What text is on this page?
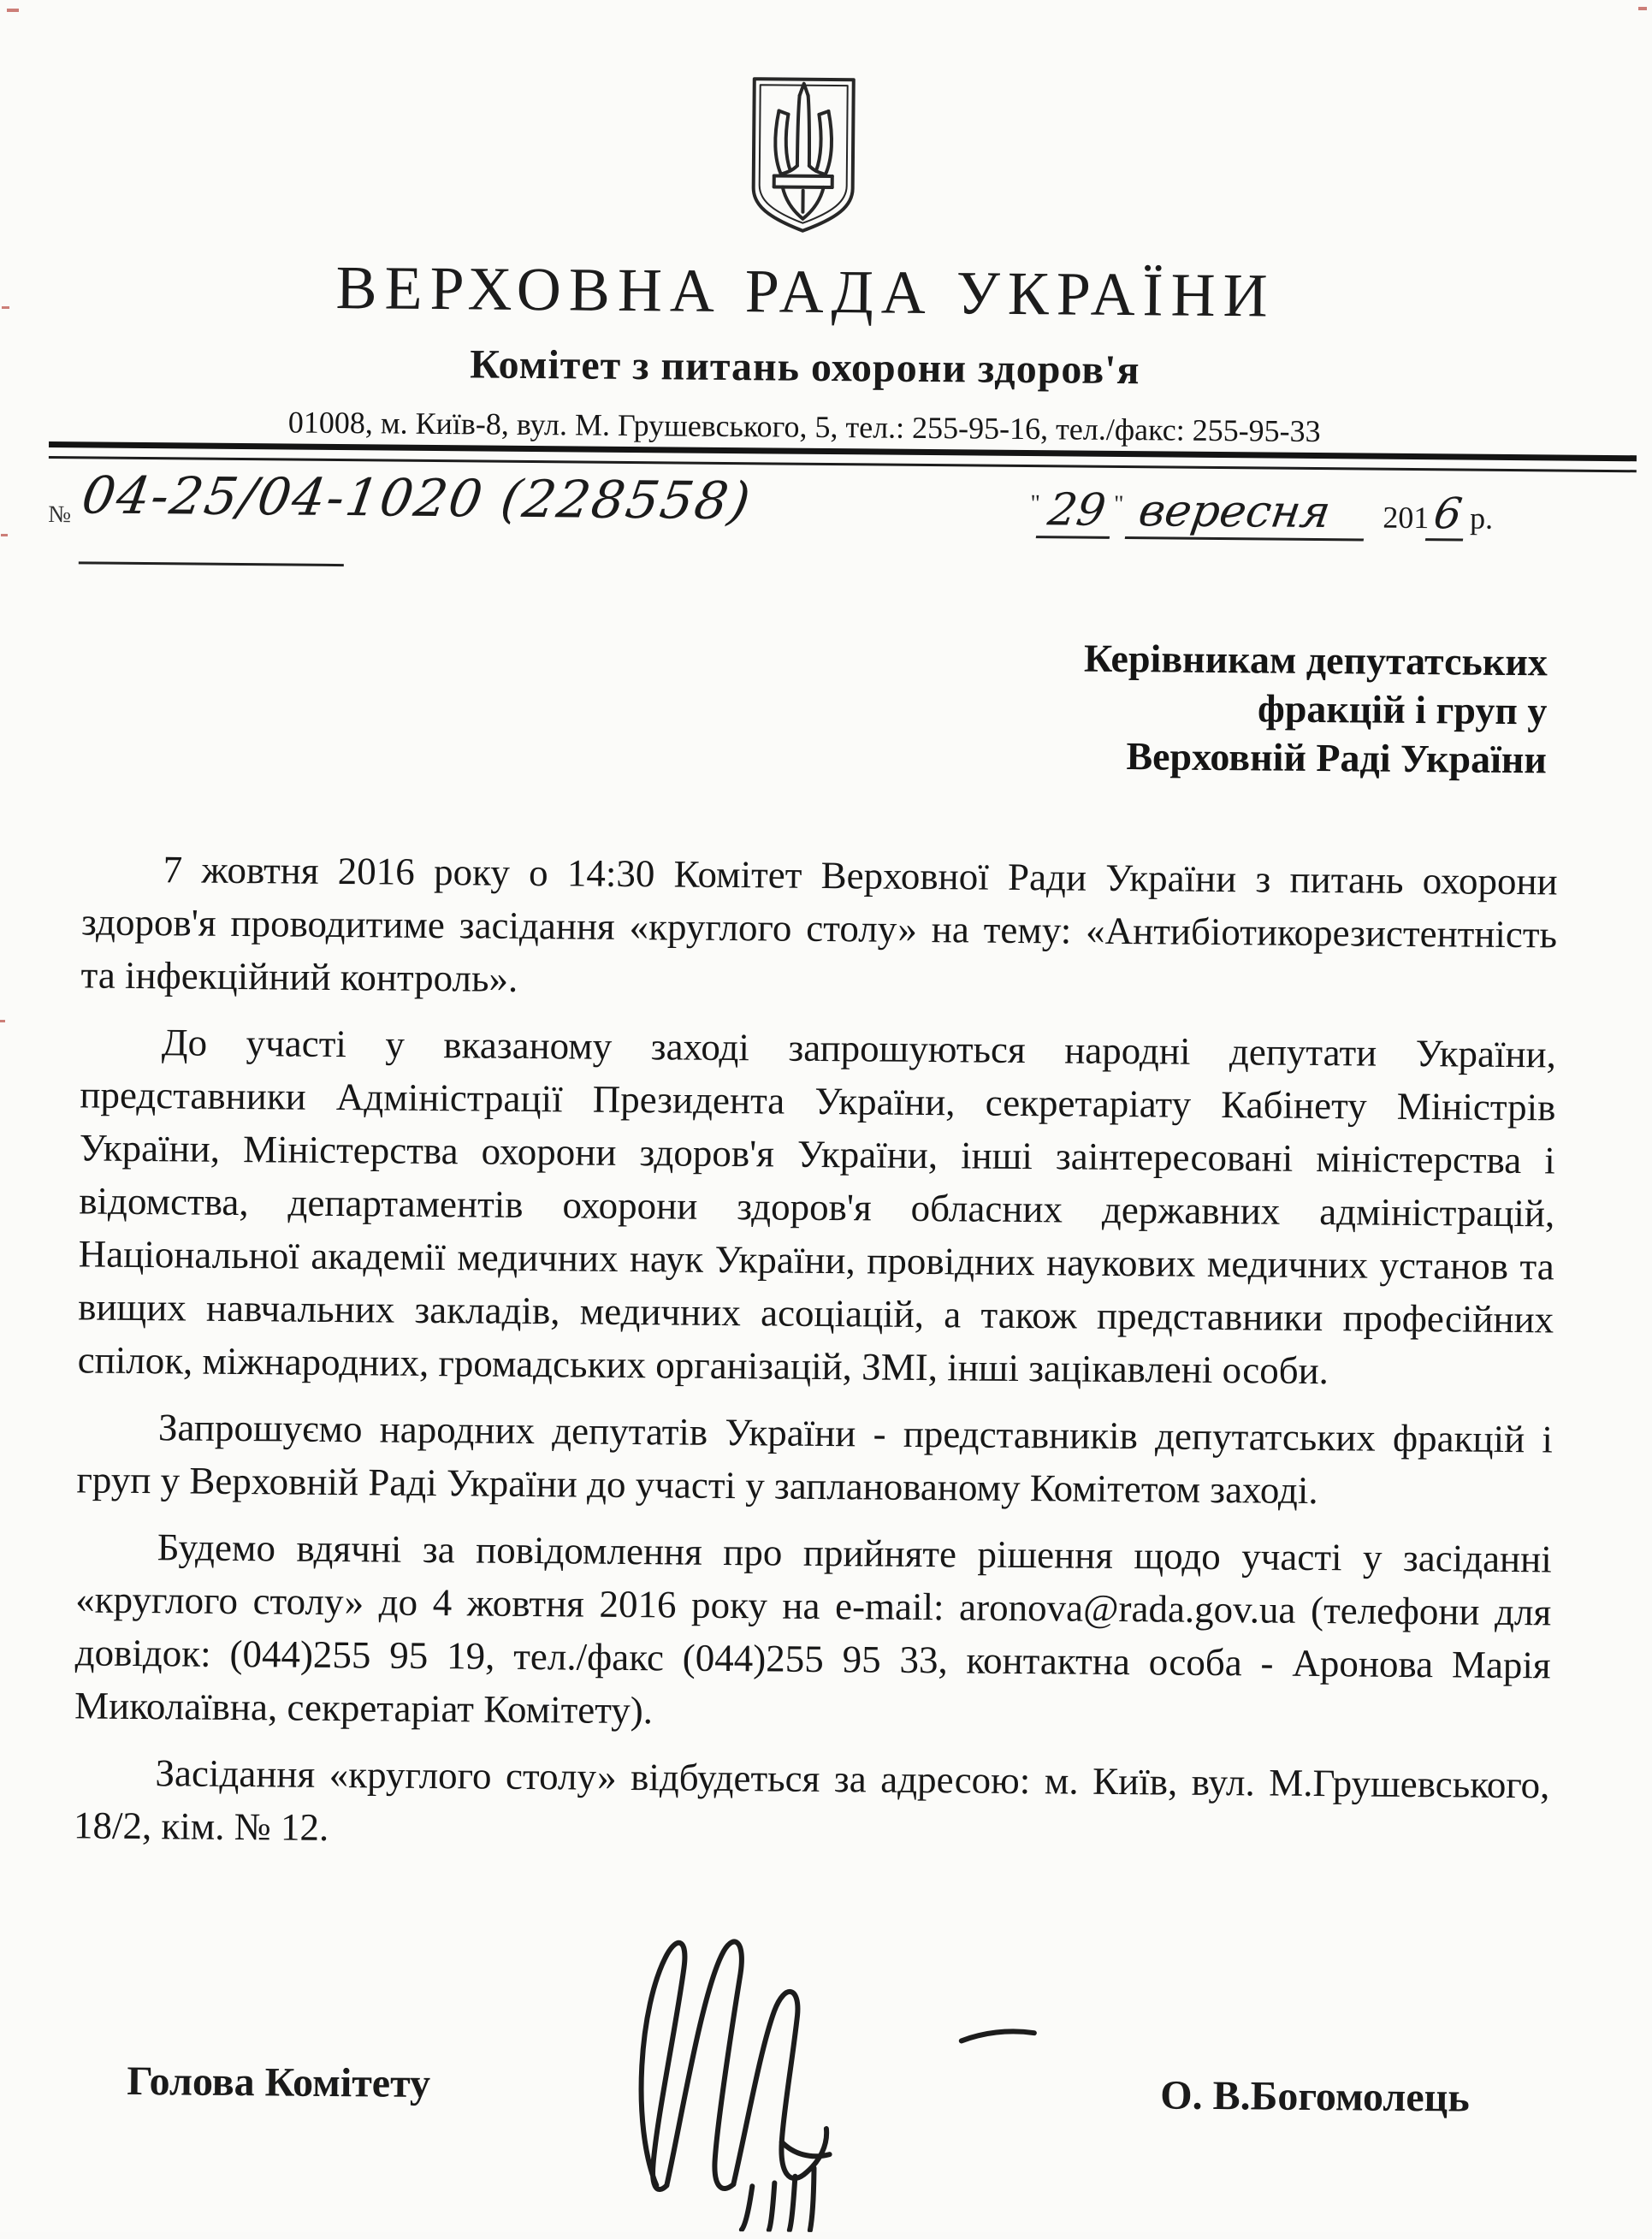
ВЕРХОВНА РАДА УКРАЇНИ
Комітет з питань охорони здоров'я
01008, м. Київ-8, вул. М. Грушевського, 5, тел.: 255-95-16, тел./факс: 255-95-33
№ 04-25/04-1020 (228558)	" 29 " вересня	201 6 р.
Керівникам депутатських
фракцій і груп у
Верховній Раді України

7 жовтня 2016 року о 14:30 Комітет Верховної Ради України з питань охорони здоров'я проводитиме засідання «круглого столу» на тему: «Антибіотикорезистентність та інфекційний контроль».

До участі у вказаному заході запрошуються народні депутати України, представники Адміністрації Президента України, секретаріату Кабінету Міністрів України, Міністерства охорони здоров'я України, інші заінтересовані міністерства і відомства, департаментів охорони здоров'я обласних державних адміністрацій, Національної академії медичних наук України, провідних наукових медичних установ та вищих навчальних закладів, медичних асоціацій, а також представники професійних спілок, міжнародних, громадських організацій, ЗМІ, інші зацікавлені особи.

Запрошуємо народних депутатів України - представників депутатських фракцій і груп у Верховній Раді України до участі у запланованому Комітетом заході.

Будемо вдячні за повідомлення про прийняте рішення щодо участі у засіданні «круглого столу» до 4 жовтня 2016 року на e-mail: aronova@rada.gov.ua (телефони для довідок: (044)255 95 19, тел./факс (044)255 95 33, контактна особа - Аронова Марія Миколаївна, секретаріат Комітету).

Засідання «круглого столу» відбудеться за адресою: м. Київ, вул. М.Грушевського, 18/2, кім. № 12.

Голова Комітету	О. В.Богомолець
